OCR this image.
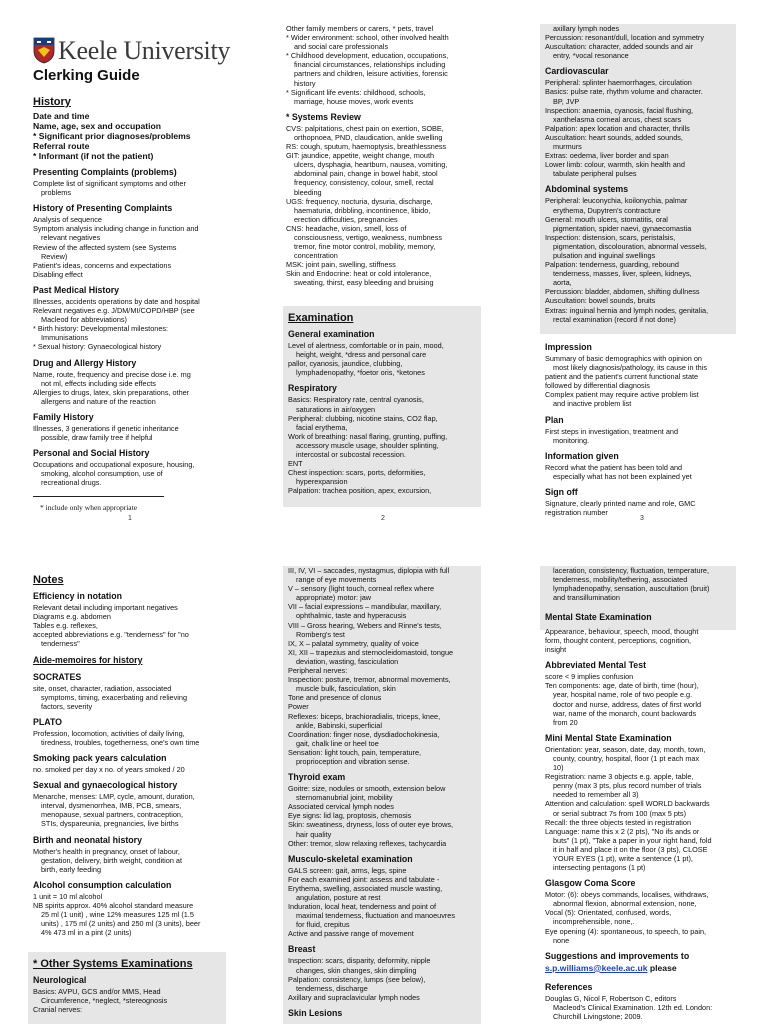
Keele University
Clerking Guide
History
Date and time
Name, age, sex and occupation
* Significant prior diagnoses/problems
Referral route
* Informant (if not the patient)
Presenting Complaints (problems)
Complete list of significant symptoms and other
problems
History of Presenting Complaints
Analysis of sequence
Symptom analysis including change in function and
relevant negatives
Review of the affected system (see Systems
Review)
Patient's ideas, concerns and expectations
Disabling effect
Past Medical History
Illnesses, accidents operations by date and hospital
Relevant negatives e.g. J/DM/MI/COPD/HBP (see
Macleod for abbreviations)
* Birth history: Developmental milestones:
Immunisations
* Sexual history: Gynaecological history
Drug and Allergy History
Name, route, frequency and precise dose i.e. mg
not ml, effects including side effects
Allergies to drugs, latex, skin preparations, other
allergens and nature of the reaction
Family History
Illnesses, 3 generations if genetic inheritance
possible, draw family tree if helpful
Personal and Social History
Occupations and occupational exposure, housing,
smoking, alcohol consumption, use of
recreational drugs.
* include only when appropriate
1
Other family members or carers, * pets, travel
* Wider environment: school, other involved health
and social care professionals
* Childhood development, education, occupations,
financial circumstances, relationships including
partners and children, leisure activities, forensic
history
* Significant life events: childhood, schools,
marriage, house moves, work events
* Systems Review
CVS: palpitations, chest pain on exertion, SOBE,
orthopnoea, PND, claudication, ankle swelling
RS: cough, sputum, haemoptysis, breathlessness
GIT: jaundice, appetite, weight change, mouth
ulcers, dysphagia, heartburn, nausea, vomiting,
abdominal pain, change in bowel habit, stool
frequency, consistency, colour, smell, rectal
bleeding
UGS: frequency, nocturia, dysuria, discharge,
haematuria, dribbling, incontinence, libido,
erection difficulties, pregnancies
CNS: headache, vision, smell, loss of
consciousness, vertigo, weakness, numbness
tremor, fine motor control, mobility, memory,
concentration
MSK: joint pain, swelling, stiffness
Skin and Endocrine: heat or cold intolerance,
sweating, thirst, easy bleeding and bruising
Examination
General examination
Level of alertness, comfortable or in pain, mood,
height, weight, *dress and personal care
pallor, cyanosis, jaundice, clubbing,
lymphadenopathy, *foetor oris, *ketones
Respiratory
Basics: Respiratory rate, central cyanosis,
saturations in air/oxygen
Peripheral: clubbing, nicotine stains, CO2 flap,
facial erythema,
Work of breathing: nasal flaring, grunting, puffing,
accessory muscle usage, shoulder splinting,
intercostal or subcostal recession.
ENT
Chest inspection: scars, ports, deformities,
hyperexpansion
Palpation: trachea position, apex, excursion,
2
axillary lymph nodes
Percussion: resonant/dull, location and symmetry
Auscultation: character, added sounds and air
entry, *vocal resonance
Cardiovascular
Peripheral: splinter haemorrhages, circulation
Basics: pulse rate, rhythm volume and character.
BP, JVP
Inspection: anaemia, cyanosis, facial flushing,
xanthelasma corneal arcus, chest scars
Palpation: apex location and character, thrills
Auscultation: heart sounds, added sounds,
murmurs
Extras: oedema, liver border and span
Lower limb: colour, warmth, skin health and
tabulate peripheral pulses
Abdominal systems
Peripheral: leuconychia, koilonychia, palmar
erythema, Dupytren's contracture
General: mouth ulcers, stomatitis, oral
pigmentation, spider naevi, gynaecomastia
Inspection: distension, scars, peristalsis,
pigmentation, discolouration, abnormal vessels,
pulsation and inguinal swellings
Palpation: tenderness, guarding, rebound
tenderness, masses, liver, spleen, kidneys,
aorta,
Percussion: bladder, abdomen, shifting dullness
Auscultation: bowel sounds, bruits
Extras: inguinal hernia and lymph nodes, genitalia,
rectal examination (record if not done)
Impression
Summary of basic demographics with opinion on
most likely diagnosis/pathology, its cause in this
patient and the patient's current functional state
followed by differential diagnosis
Complex patient may require active problem list
and inactive problem list
Plan
First steps in investigation, treatment and
monitoring.
Information given
Record what the patient has been told and
especially what has not been explained yet
Sign off
Signature, clearly printed name and role, GMC
registration number
3
Notes
Efficiency in notation
Relevant detail including important negatives
Diagrams e.g. abdomen
Tables e.g. reflexes,
accepted abbreviations e.g. "tenderness" for "no
tenderness"
Aide-memoires for history
SOCRATES
site, onset, character, radiation, associated
symptoms, timing, exacerbating and relieving
factors, severity
PLATO
Profession, locomotion, activities of daily living,
tiredness, troubles, togetherness, one's own time
Smoking pack years calculation
no. smoked per day x no. of years smoked / 20
Sexual and gynaecological history
Menarche, menses: LMP, cycle, amount, duration,
interval, dysmenorrhea, IMB, PCB, smears,
menopause, sexual partners, contraception,
STIs, dyspareunia, pregnancies, live births
Birth and neonatal history
Mother's health in pregnancy, onset of labour,
gestation, delivery, birth weight, condition at
birth, early feeding
Alcohol consumption calculation
1 unit = 10 ml alcohol
NB spirits approx. 40% alcohol standard measure
25 ml (1 unit) , wine 12% measures 125 ml (1.5
units) , 175 ml (2 units) and 250 ml (3 units), beer
4% 473 ml in a pint (2 units)
* Other Systems Examinations
Neurological
Basics: AVPU, GCS and/or MMS, Head
Circumference, *neglect, *stereognosis
Cranial nerves:
III, IV, VI – saccades, nystagmus, diplopia with full
range of eye movements
V – sensory (light touch, corneal reflex where
appropriate) motor: jaw
VII – facial expressions – mandibular, maxillary,
ophthalmic, taste and hyperacusis
VIII – Gross hearing, Webers and Rinne's tests,
Romberg's test
IX, X – palatal symmetry, quality of voice
XI, XII – trapezius and sternocleidomastoid, tongue
deviation, wasting, fasciculation
Peripheral nerves:
Inspection: posture, tremor, abnormal movements,
muscle bulk, fasciculation, skin
Tone and presence of clonus
Power
Reflexes: biceps, brachioradialis, triceps, knee,
ankle, Babinski, superficial
Coordination: finger nose, dysdiadochokinesia,
gait, chalk line or heel toe
Sensation: light touch, pain, temperature,
proprioception and vibration sense.
Thyroid exam
Goitre: size, nodules or smooth, extension below
sternomanubrial joint, mobility
Associated cervical lymph nodes
Eye signs: lid lag, proptosis, chemosis
Skin: sweatiness, dryness, loss of outer eye brows,
hair quality
Other: tremor, slow relaxing reflexes, tachycardia
Musculo-skeletal examination
GALS screen: gait, arms, legs, spine
For each examined joint: assess and tabulate -
Erythema, swelling, associated muscle wasting,
angulation, posture at rest
Induration, local heat, tenderness and point of
maximal tenderness, fluctuation and manoeuvres
for fluid, crepitus
Active and passive range of movement
Breast
Inspection: scars, disparity, deformity, nipple
changes, skin changes, skin dimpling
Palpation: consistency, lumps (see below),
tenderness, discharge
Axillary and supraclavicular lymph nodes
Skin Lesions
laceration, consistency, fluctuation, temperature,
tenderness, mobility/tethering, associated
lymphadenopathy, sensation, auscultation (bruit)
and transillumination
Mental State Examination
Appearance, behaviour, speech, mood, thought
form, thought content, perceptions, cognition,
insight
Abbreviated Mental Test
score < 9 implies confusion
Ten components: age, date of birth, time (hour),
year, hospital name, role of two people e.g.
doctor and nurse, address, dates of first world
war, name of the monarch, count backwards
from 20
Mini Mental State Examination
Orientation: year, season, date, day, month, town,
county, country, hospital, floor (1 pt each max
10)
Registration: name 3 objects e.g. apple, table,
penny (max 3 pts, plus record number of trials
needed to remember all 3)
Attention and calculation: spell WORLD backwards
or serial subtract 7s from 100 (max 5 pts)
Recall: the three objects tested in registration
Language: name this x 2 (2 pts), "No ifs ands or
buts" (1 pt), "Take a paper in your right hand, fold
it in half and place it on the floor (3 pts), CLOSE
YOUR EYES (1 pt), write a sentence (1 pt),
intersecting pentagons (1 pt)
Glasgow Coma Score
Motor: (6): obeys commands, localises, withdraws,
abnormal flexion, abnormal extension, none,
Vocal (5): Orientated, confused, words,
incomprehensible, none,.
Eye opening (4): spontaneous, to speech, to pain,
none
Suggestions and improvements to
s.p.williams@keele.ac.uk please
References
Douglas G, Nicol F, Robertson C, editors
Macleod's Clinical Examination. 12th ed. London:
Churchill Livingstone; 2009.
